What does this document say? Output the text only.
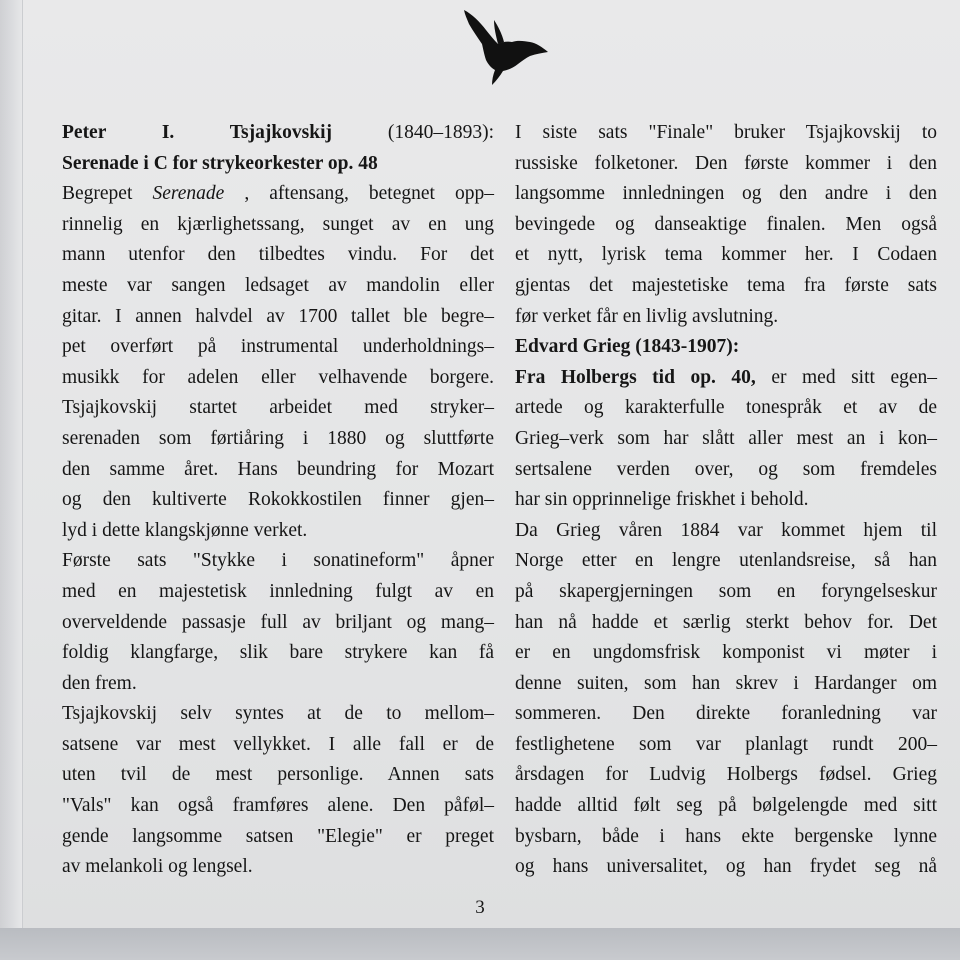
Peter I. Tsjajkovskij (1840–1893):
Serenade i C for strykeorkester op. 48
Begrepet Serenade , aftensang, betegnet opp–
rinnelig en kjærlighetssang, sunget av en ung
mann utenfor den tilbedtes vindu. For det
meste var sangen ledsaget av mandolin eller
gitar. I annen halvdel av 1700 tallet ble begre–
pet overført på instrumental underholdnings–
musikk for adelen eller velhavende borgere.
Tsjajkovskij startet arbeidet med stryker–
serenaden som førtiåring i 1880 og sluttførte
den samme året. Hans beundring for Mozart
og den kultiverte Rokokkostilen finner gjen–
lyd i dette klangskjønne verket.
Første sats "Stykke i sonatineform" åpner
med en majestetisk innledning fulgt av en
overveldende passasje full av briljant og mang–
foldig klangfarge, slik bare strykere kan få
den frem.
Tsjajkovskij selv syntes at de to mellom–
satsene var mest vellykket. I alle fall er de
uten tvil de mest personlige. Annen sats
"Vals" kan også framføres alene. Den påføl–
gende langsomme satsen "Elegie" er preget
av melankoli og lengsel.
I siste sats "Finale" bruker Tsjajkovskij to
russiske folketoner. Den første kommer i den
langsomme innledningen og den andre i den
bevingede og danseaktige finalen. Men også
et nytt, lyrisk tema kommer her. I Codaen
gjentas det majestetiske tema fra første sats
før verket får en livlig avslutning.
Edvard Grieg (1843-1907):
Fra Holbergs tid op. 40, er med sitt egen–
artede og karakterfulle tonespråk et av de
Grieg–verk som har slått aller mest an i kon–
sertsalene verden over, og som fremdeles
har sin opprinnelige friskhet i behold.
Da Grieg våren 1884 var kommet hjem til
Norge etter en lengre utenlandsreise, så han
på skapergjerningen som en foryngelseskur
han nå hadde et særlig sterkt behov for. Det
er en ungdomsfrisk komponist vi møter i
denne suiten, som han skrev i Hardanger om
sommeren. Den direkte foranledning var
festlighetene som var planlagt rundt 200–
årsdagen for Ludvig Holbergs fødsel. Grieg
hadde alltid følt seg på bølgelengde med sitt
bysbarn, både i hans ekte bergenske lynne
og hans universalitet, og han frydet seg nå
3
